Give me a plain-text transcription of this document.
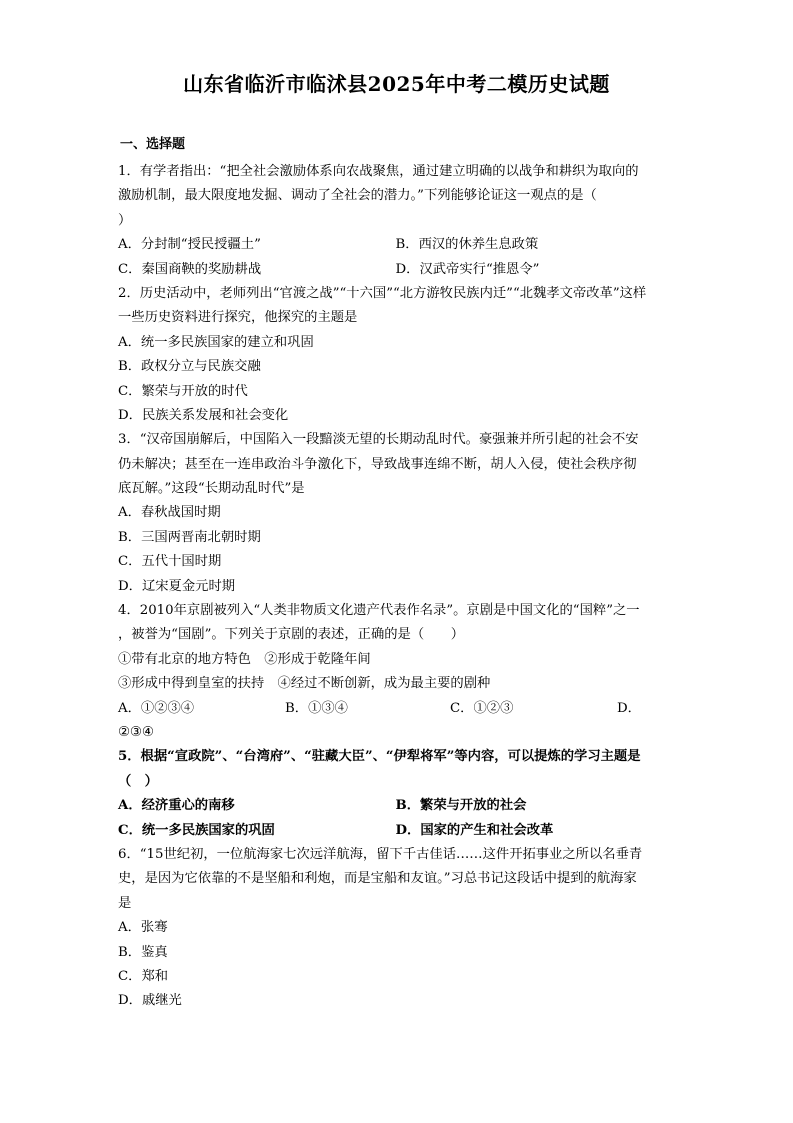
山东省临沂市临沭县2025年中考二模历史试题
一、选择题
1．有学者指出：“把全社会激励体系向农战聚焦，通过建立明确的以战争和耕织为取向的
激励机制，最大限度地发掘、调动了全社会的潜力。”下列能够论证这一观点的是（
）
A．分封制“授民授疆土”	B．西汉的休养生息政策
C．秦国商鞅的奖励耕战	D．汉武帝实行“推恩令”
2．历史活动中，老师列出“官渡之战”“十六国”“北方游牧民族内迁”“北魏孝文帝改革”这样
一些历史资料进行探究，他探究的主题是
A．统一多民族国家的建立和巩固
B．政权分立与民族交融
C．繁荣与开放的时代
D．民族关系发展和社会变化
3．“汉帝国崩解后，中国陷入一段黯淡无望的长期动乱时代。豪强兼并所引起的社会不安
仍未解决；甚至在一连串政治斗争激化下，导致战事连绵不断，胡人入侵，使社会秩序彻
底瓦解。”这段“长期动乱时代”是
A．春秋战国时期
B．三国两晋南北朝时期
C．五代十国时期
D．辽宋夏金元时期
4．2010年京剧被列入“人类非物质文化遗产代表作名录”。京剧是中国文化的“国粹”之一
，被誉为“国剧”。下列关于京剧的表述，正确的是（　　）
①带有北京的地方特色　②形成于乾隆年间
③形成中得到皇室的扶持　④经过不断创新，成为最主要的剧种
A．①②③④	B．①③④	C．①②③	D．
②③④
5．根据“宣政院”、“台湾府”、“驻藏大臣”、“伊犁将军”等内容，可以提炼的学习主题是
（　）
A．经济重心的南移	B．繁荣与开放的社会
C．统一多民族国家的巩固	D．国家的产生和社会改革
6．“15世纪初，一位航海家七次远洋航海，留下千古佳话……这件开拓事业之所以名垂青
史，是因为它依靠的不是坚船和利炮，而是宝船和友谊。”习总书记这段话中提到的航海家
是
A．张骞
B．鉴真
C．郑和
D．戚继光
